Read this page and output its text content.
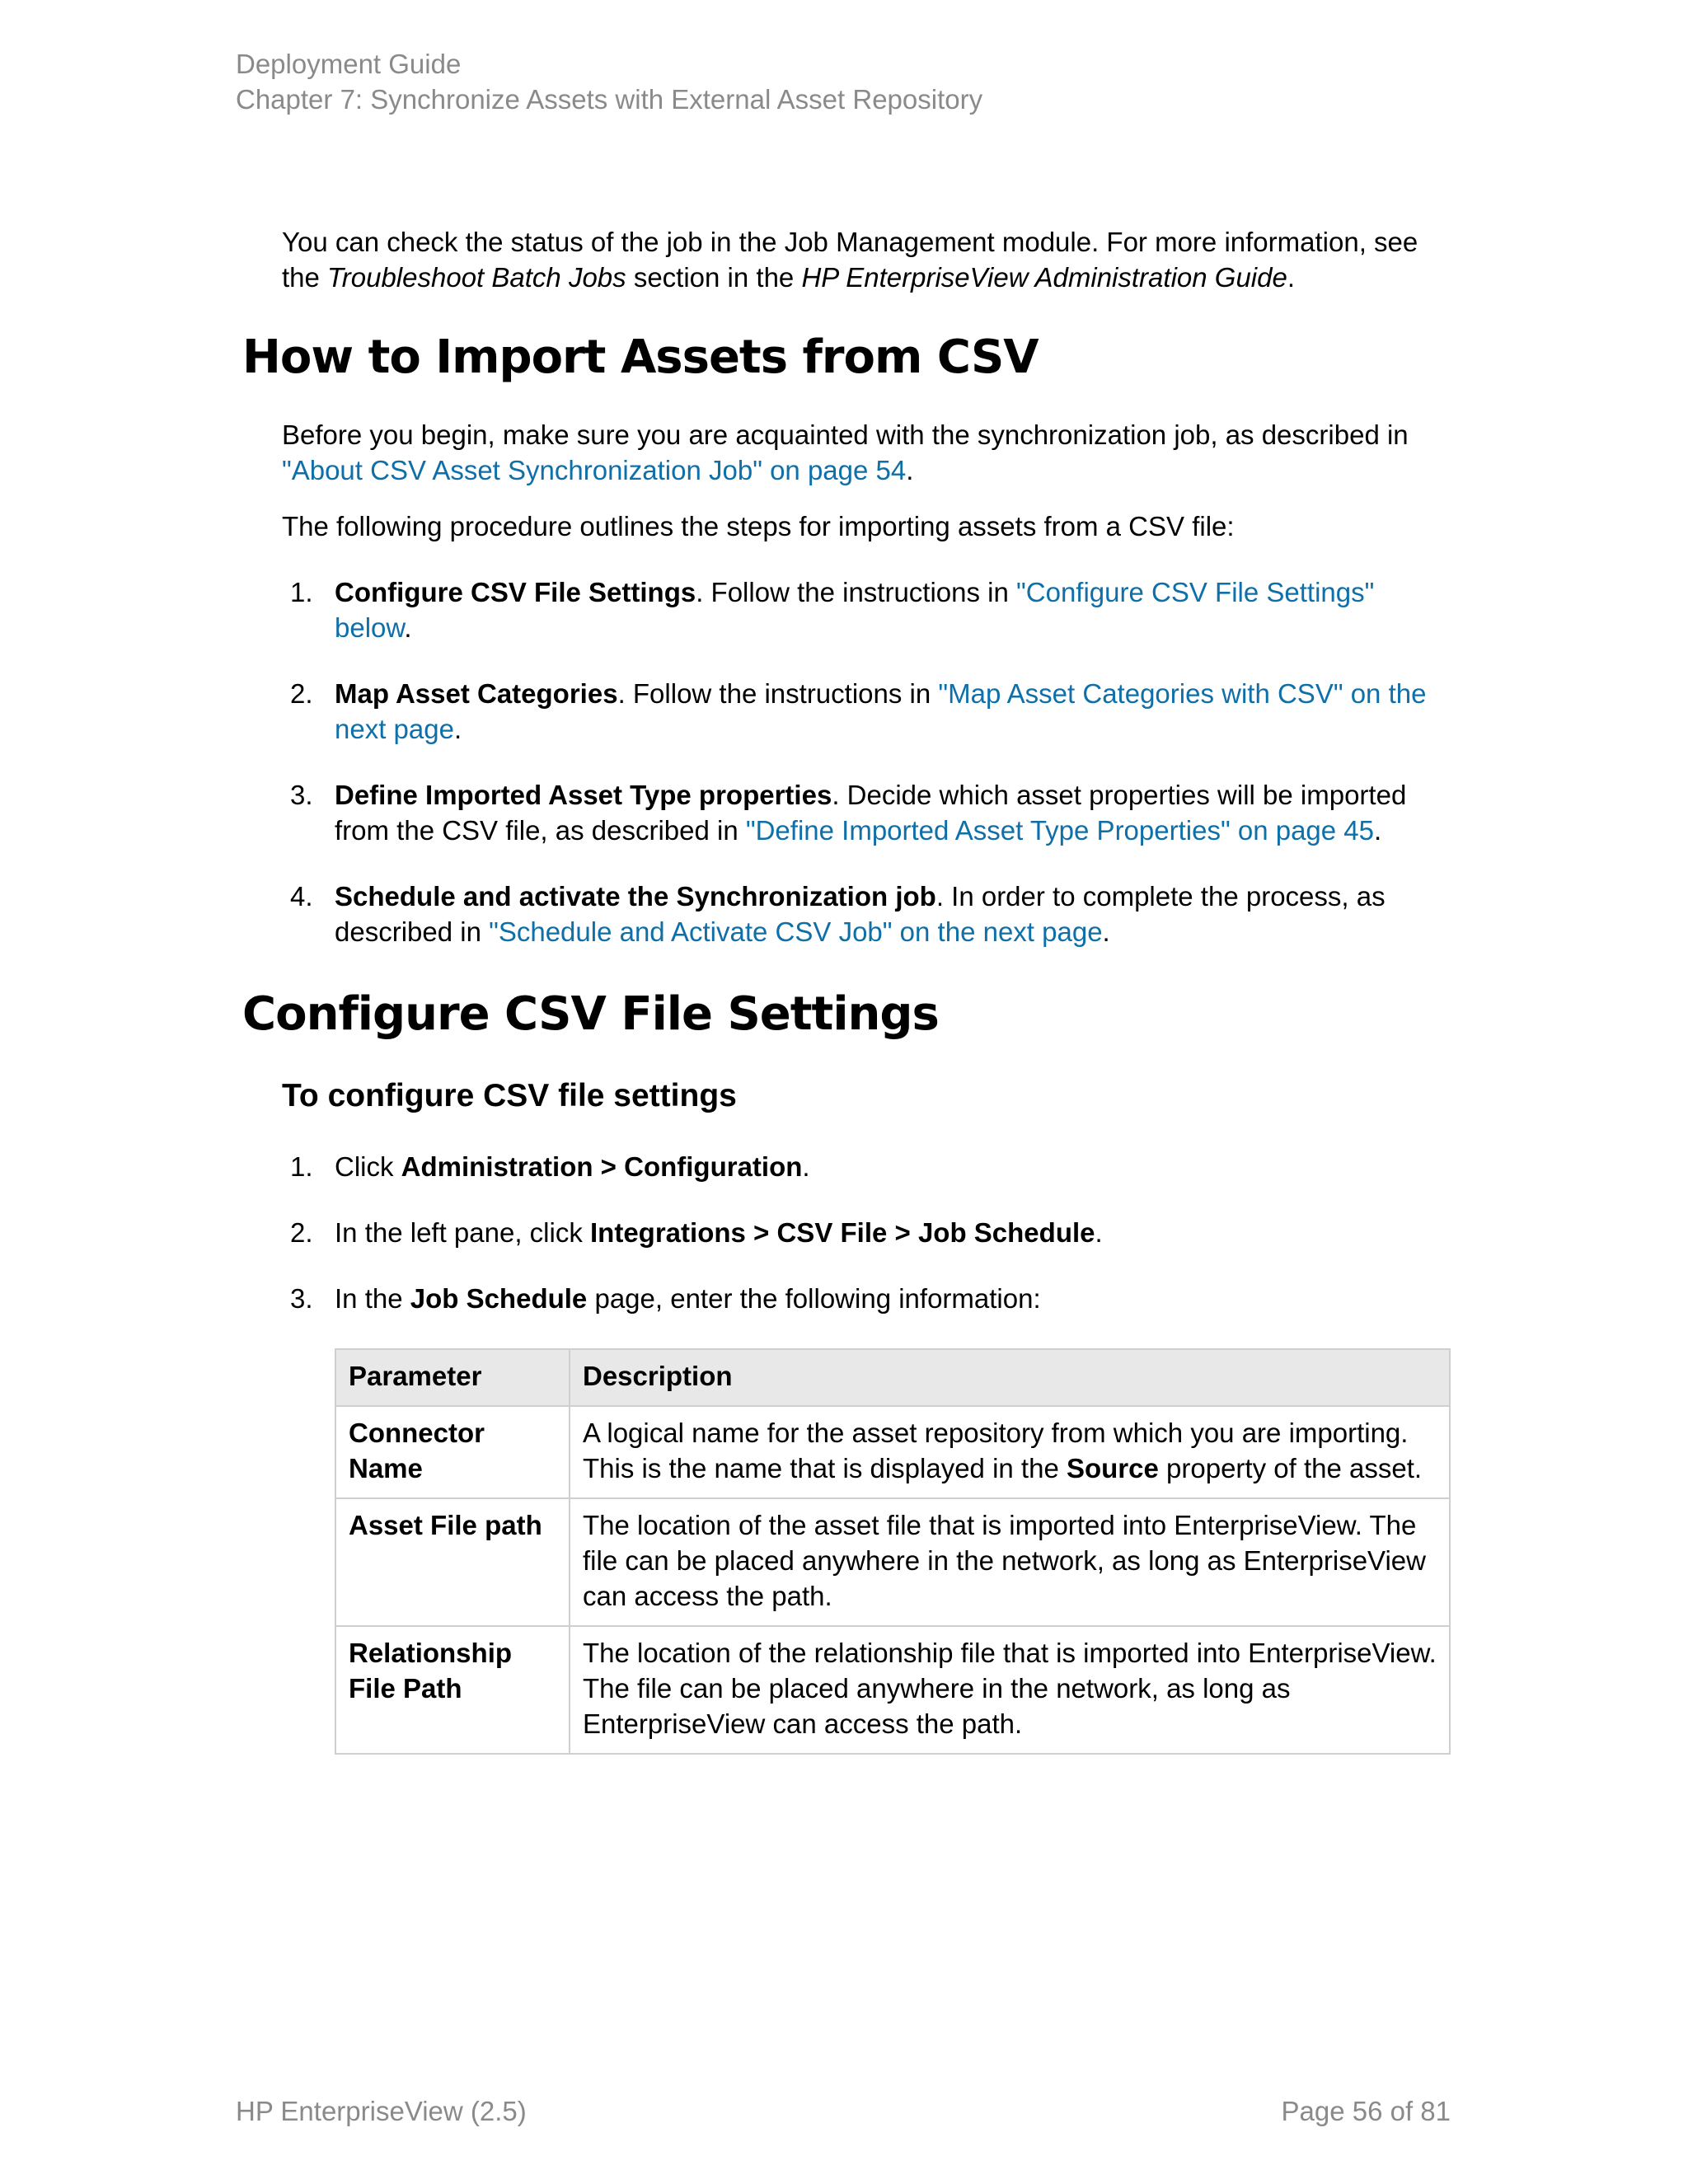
Deployment Guide
Chapter 7: Synchronize Assets with External Asset Repository
You can check the status of the job in the Job Management module. For more information, see the Troubleshoot Batch Jobs section in the HP EnterpriseView Administration Guide.
How to Import Assets from CSV
Before you begin, make sure you are acquainted with the synchronization job, as described in "About CSV Asset Synchronization Job" on page 54.
The following procedure outlines the steps for importing assets from a CSV file:
1. Configure CSV File Settings. Follow the instructions in "Configure CSV File Settings" below.
2. Map Asset Categories. Follow the instructions in "Map Asset Categories with CSV" on the next page.
3. Define Imported Asset Type properties. Decide which asset properties will be imported from the CSV file, as described in "Define Imported Asset Type Properties" on page 45.
4. Schedule and activate the Synchronization job. In order to complete the process, as described in "Schedule and Activate CSV Job" on the next page.
Configure CSV File Settings
To configure CSV file settings
1. Click Administration > Configuration.
2. In the left pane, click Integrations > CSV File > Job Schedule.
3. In the Job Schedule page, enter the following information:
Parameter	Description
Connector Name	A logical name for the asset repository from which you are importing. This is the name that is displayed in the Source property of the asset.
Asset File path	The location of the asset file that is imported into EnterpriseView. The file can be placed anywhere in the network, as long as EnterpriseView can access the path.
Relationship File Path	The location of the relationship file that is imported into EnterpriseView. The file can be placed anywhere in the network, as long as EnterpriseView can access the path.
HP EnterpriseView (2.5)	Page 56 of 81
